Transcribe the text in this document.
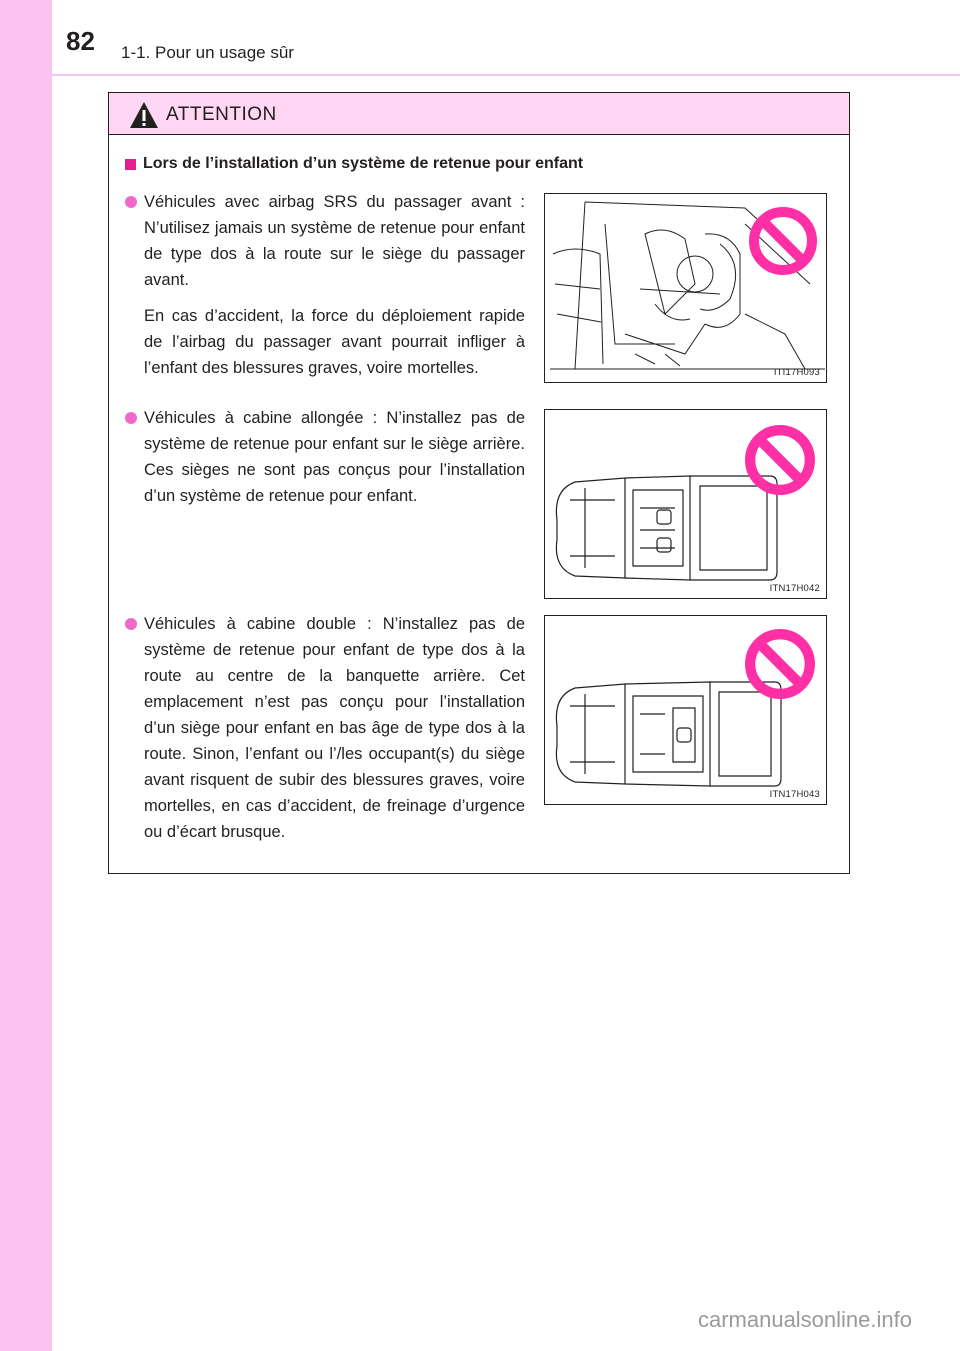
82 1-1. Pour un usage sûr
ATTENTION
Lors de l’installation d’un système de retenue pour enfant

Véhicules avec airbag SRS du passager avant : N’utilisez jamais un système de retenue pour enfant de type dos à la route sur le siège du passager avant.

En cas d’accident, la force du déploiement rapide de l’airbag du passager avant pourrait infliger à l’enfant des blessures graves, voire mortelles.	ITI17H093

Véhicules à cabine allongée : N’installez pas de système de retenue pour enfant sur le siège arrière. Ces sièges ne sont pas conçus pour l’installation d’un système de retenue pour enfant.

ITN17H042

Véhicules à cabine double : N’installez pas de système de retenue pour enfant de type dos à la route au centre de la banquette arrière. Cet emplacement n’est pas conçu pour l’installation d’un siège pour enfant en bas âge de type dos à la route. Sinon, l’enfant ou l’/les occupant(s) du siège avant risquent de subir des blessures graves, voire mortelles, en cas d’accident, de freinage d’urgence ou d’écart brusque.

ITN17H043
carmanualsonline.info
